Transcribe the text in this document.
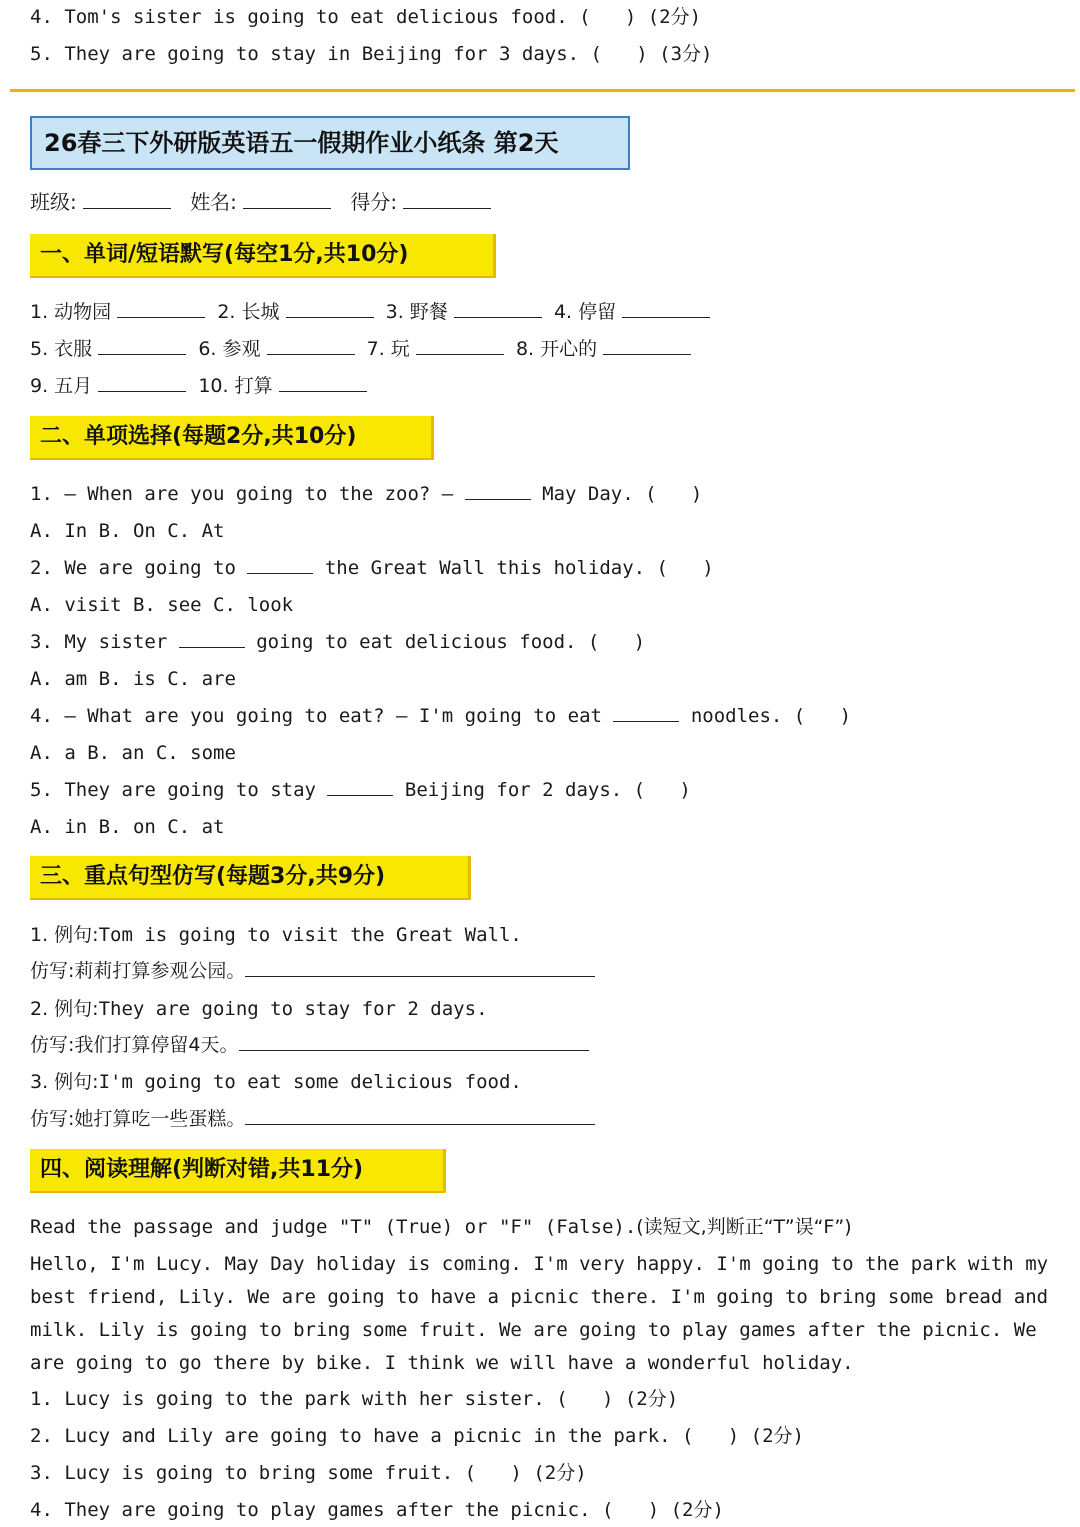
4. Tom's sister is going to eat delicious food. (   ) (2分)
5. They are going to stay in Beijing for 3 days. (   ) (3分)
26春三下外研版英语五一假期作业小纸条 第2天
班级:	姓名:	得分:
一、单词/短语默写(每空1分,共10分)
1. 动物园	2. 长城	3. 野餐	4. 停留
5. 衣服	6. 参观	7. 玩	8. 开心的
9. 五月	10. 打算
二、单项选择(每题2分,共10分)
1. — When are you going to the zoo? —	May Day. (   )
A. In B. On C. At
2. We are going to	the Great Wall this holiday. (   )
A. visit B. see C. look
3. My sister	going to eat delicious food. (   )
A. am B. is C. are
4. — What are you going to eat? — I'm going to eat	noodles. (   )
A. a B. an C. some
5. They are going to stay	Beijing for 2 days. (   )
A. in B. on C. at
三、重点句型仿写(每题3分,共9分)
1. 例句:Tom is going to visit the Great Wall.
仿写:莉莉打算参观公园。
2. 例句:They are going to stay for 2 days.
仿写:我们打算停留4天。
3. 例句:I'm going to eat some delicious food.
仿写:她打算吃一些蛋糕。
四、阅读理解(判断对错,共11分)
Read the passage and judge "T" (True) or "F" (False).(读短文,判断正“T”误“F”)
Hello, I'm Lucy. May Day holiday is coming. I'm very happy. I'm going to the park with my best friend, Lily. We are going to have a picnic there. I'm going to bring some bread and milk. Lily is going to bring some fruit. We are going to play games after the picnic. We are going to go there by bike. I think we will have a wonderful holiday.
1. Lucy is going to the park with her sister. (   ) (2分)
2. Lucy and Lily are going to have a picnic in the park. (   ) (2分)
3. Lucy is going to bring some fruit. (   ) (2分)
4. They are going to play games after the picnic. (   ) (2分)
